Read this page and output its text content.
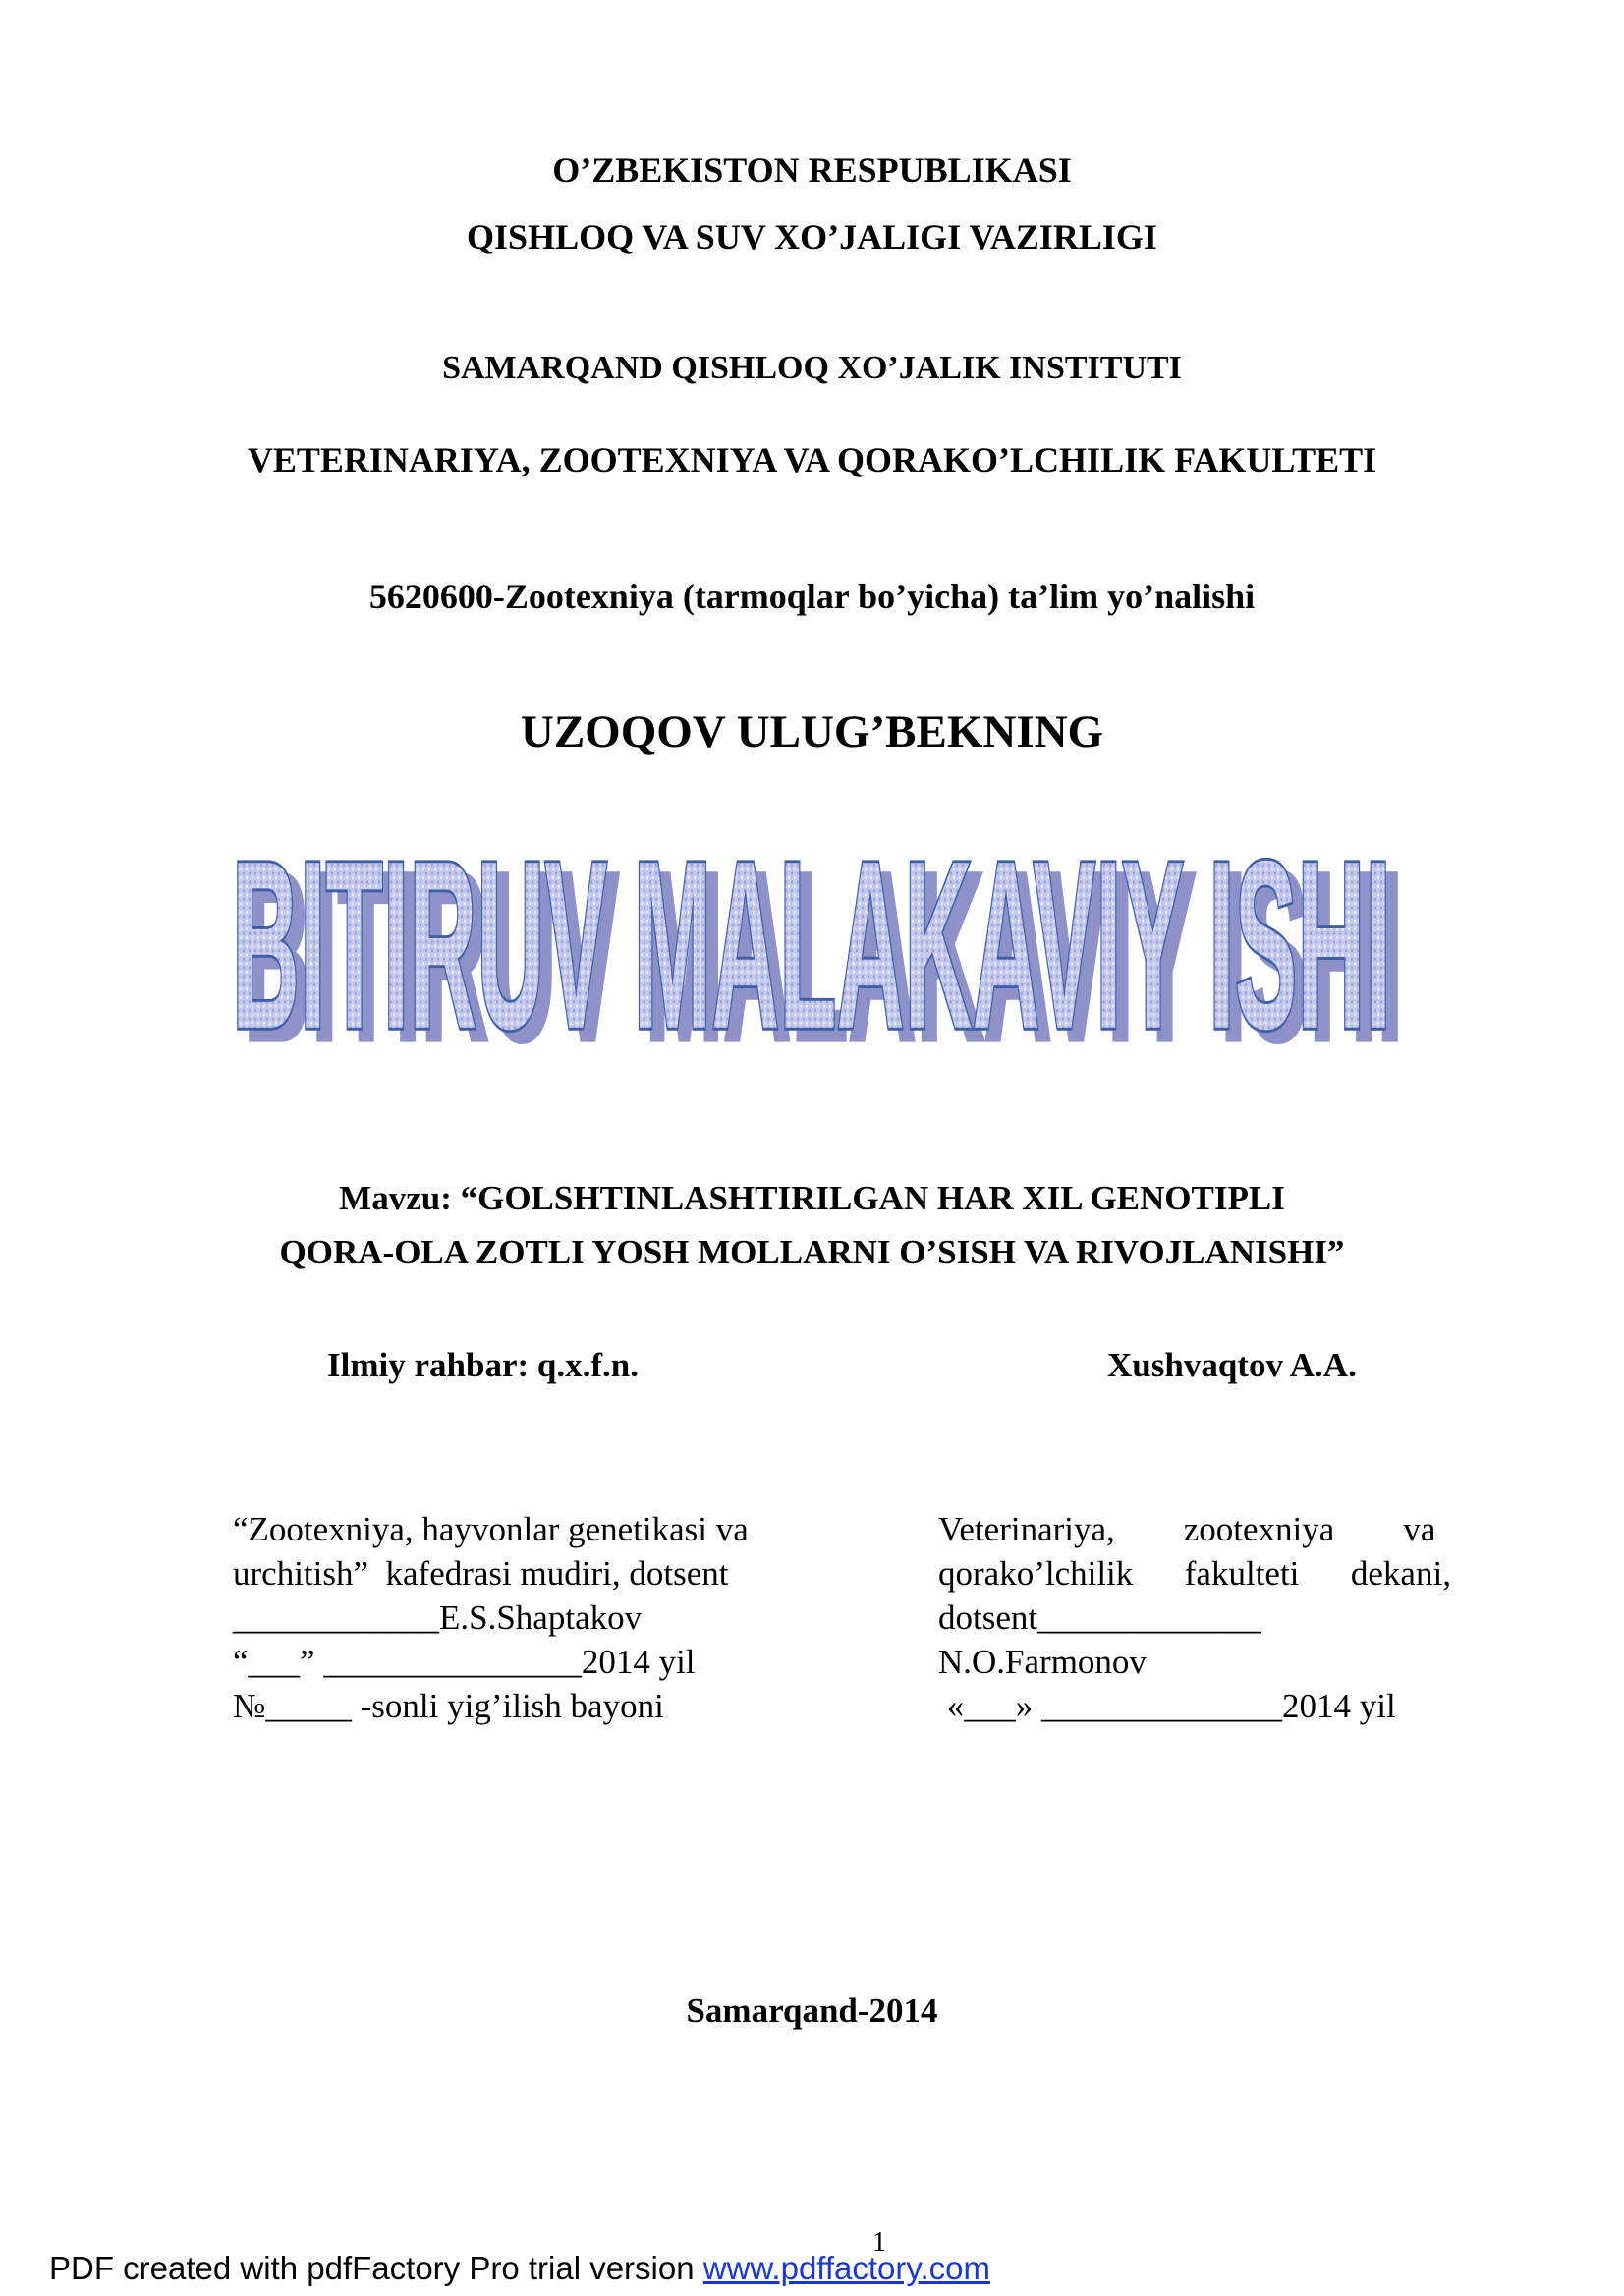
O’ZBEKISTON RESPUBLIKASI
QISHLOQ VA SUV XO’JALIGI VAZIRLIGI
SAMARQAND QISHLOQ XO’JALIK INSTITUTI
VETERINARIYA, ZOOTEXNIYA VA QORAKO’LCHILIK FAKULTETI
5620600-Zootexniya (tarmoqlar bo’yicha) ta’lim yo’nalishi
UZOQOV ULUG’BEKNING
BITIRUV MALAKAVIY ISHI
BITIRUV MALAKAVIY ISHI
Mavzu: “GOLSHTINLASHTIRILGAN HAR XIL GENOTIPLI
QORA-OLA ZOTLI YOSH MOLLARNI O’SISH VA RIVOJLANISHI”
Ilmiy rahbar: q.x.f.n.	Xushvaqtov A.A.
“Zootexniya, hayvonlar genetikasi va
urchitish”  kafedrasi mudiri, dotsent
____________E.S.Shaptakov
“___” _______________2014 yil
№_____ -sonli yig’ilish bayoni
Veterinariya,        zootexniya        va
qorako’lchilik      fakulteti      dekani,
dotsent_____________
N.O.Farmonov
«___» ______________2014 yil
Samarqand-2014
1
PDF created with pdfFactory Pro trial version www.pdffactory.com
